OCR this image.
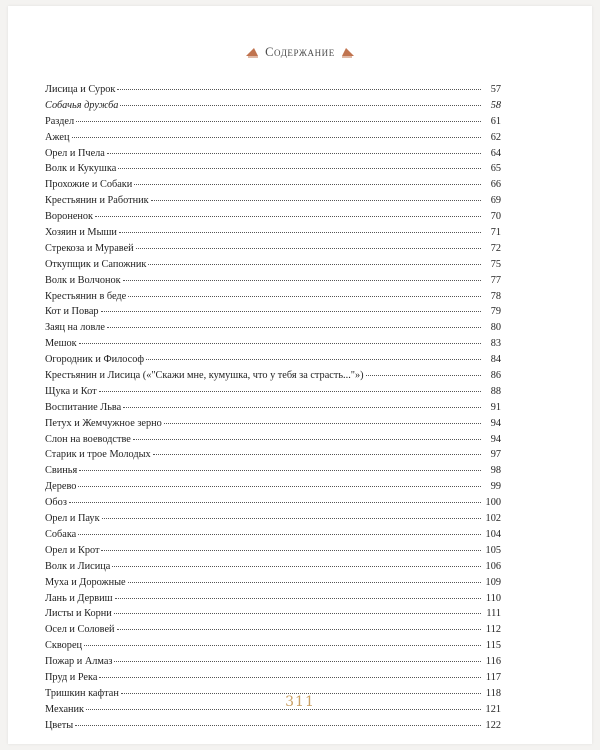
Содержание
Лисица и Сурок	57
Собачья дружба	58
Раздел	61
Ажец	62
Орел и Пчела	64
Волк и Кукушка	65
Прохожие и Собаки	66
Крестьянин и Работник	69
Вороненок	70
Хозяин и Мыши	71
Стрекоза и Муравей	72
Откупщик и Сапожник	75
Волк и Волчонок	77
Крестьянин в беде	78
Кот и Повар	79
Заяц на ловле	80
Мешок	83
Огородник и Философ	84
Крестьянин и Лисица («"Скажи мне, кумушка, что у тебя за страсть..."»)	86
Щука и Кот	88
Воспитание Льва	91
Петух и Жемчужное зерно	94
Слон на воеводстве	94
Старик и трое Молодых	97
Свинья	98
Дерево	99
Обоз	100
Орел и Паук	102
Собака	104
Орел и Крот	105
Волк и Лисица	106
Муха и Дорожные	109
Лань и Дервиш	110
Листы и Корни	111
Осел и Соловей	112
Скворец	115
Пожар и Алмаз	116
Пруд и Река	117
Тришкин кафтан	118
Механик	121
Цветы	122
311
